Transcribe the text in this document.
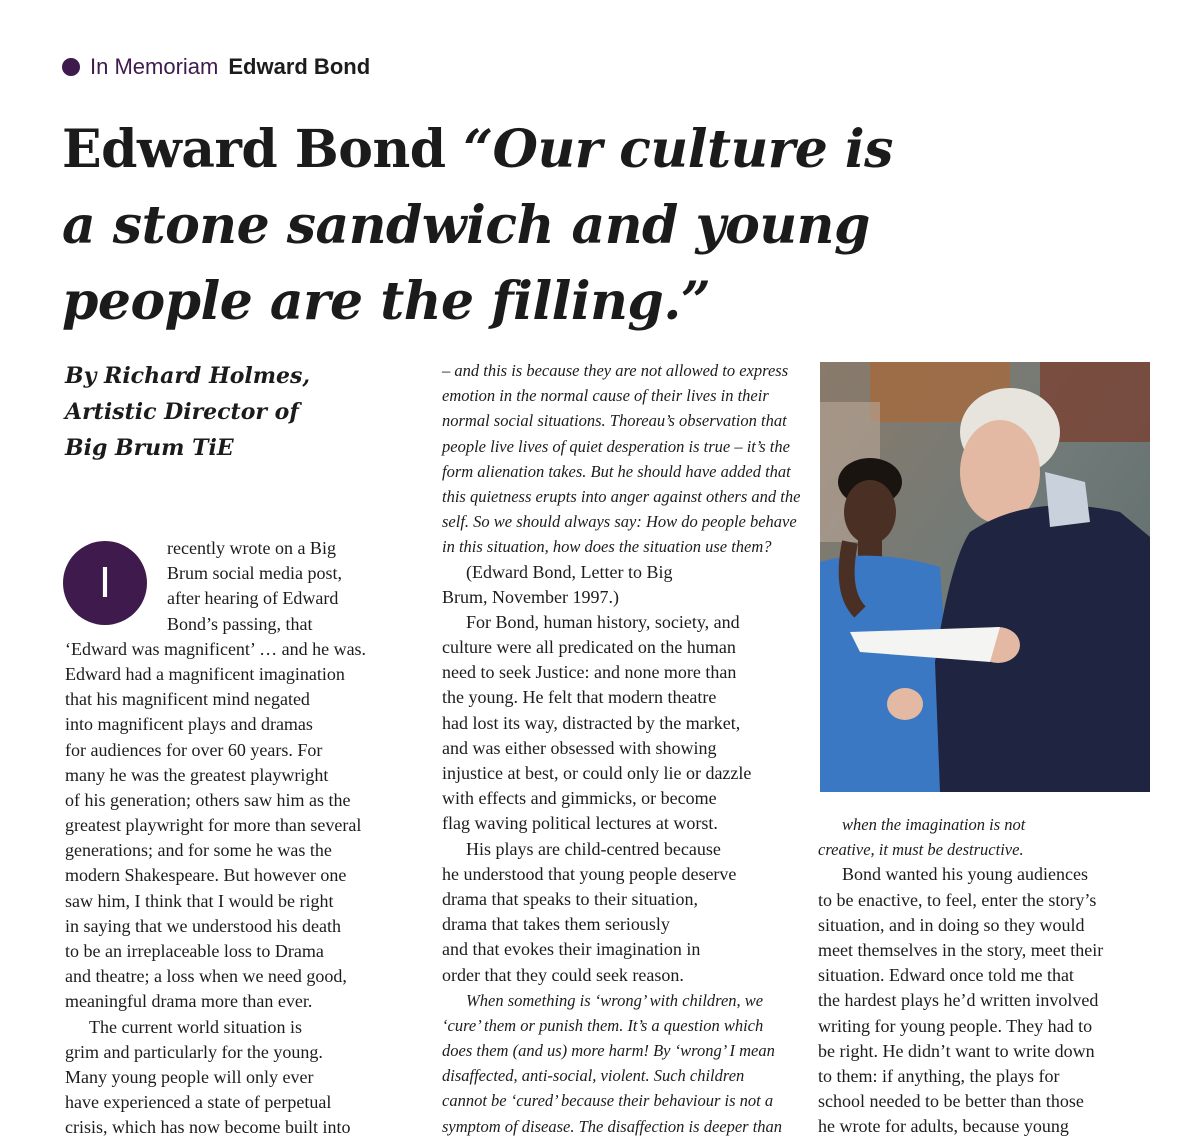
In Memoriam Edward Bond
Edward Bond “Our culture is
a stone sandwich and young
people are the filling.”
By Richard Holmes,
Artistic Director of
Big Brum TiE
I
recently wrote on a Big
Brum social media post,
after hearing of Edward
Bond’s passing, that
‘Edward was magnificent’ … and he was.
Edward had a magnificent imagination
that his magnificent mind negated
into magnificent plays and dramas
for audiences for over 60 years. For
many he was the greatest playwright
of his generation; others saw him as the
greatest playwright for more than several
generations; and for some he was the
modern Shakespeare. But however one
saw him, I think that I would be right
in saying that we understood his death
to be an irreplaceable loss to Drama
and theatre; a loss when we need good,
meaningful drama more than ever.
The current world situation is
grim and particularly for the young.
Many young people will only ever
have experienced a state of perpetual
crisis, which has now become built into
– and this is because they are not allowed to express
emotion in the normal cause of their lives in their
normal social situations. Thoreau’s observation that
people live lives of quiet desperation is true – it’s the
form alienation takes. But he should have added that
this quietness erupts into anger against others and the
self. So we should always say: How do people behave
in this situation, how does the situation use them?
(Edward Bond, Letter to Big
Brum, November 1997.)
For Bond, human history, society, and
culture were all predicated on the human
need to seek Justice: and none more than
the young. He felt that modern theatre
had lost its way, distracted by the market,
and was either obsessed with showing
injustice at best, or could only lie or dazzle
with effects and gimmicks, or become
flag waving political lectures at worst.
His plays are child-centred because
he understood that young people deserve
drama that speaks to their situation,
drama that takes them seriously
and that evokes their imagination in
order that they could seek reason.
When something is ‘wrong’ with children, we
‘cure’ them or punish them. It’s a question which
does them (and us) more harm! By ‘wrong’ I mean
disaffected, anti-social, violent. Such children
cannot be ‘cured’ because their behaviour is not a
symptom of disease. The disaffection is deeper than
when the imagination is not
creative, it must be destructive.
Bond wanted his young audiences
to be enactive, to feel, enter the story’s
situation, and in doing so they would
meet themselves in the story, meet their
situation. Edward once told me that
the hardest plays he’d written involved
writing for young people. They had to
be right. He didn’t want to write down
to them: if anything, the plays for
school needed to be better than those
he wrote for adults, because young
